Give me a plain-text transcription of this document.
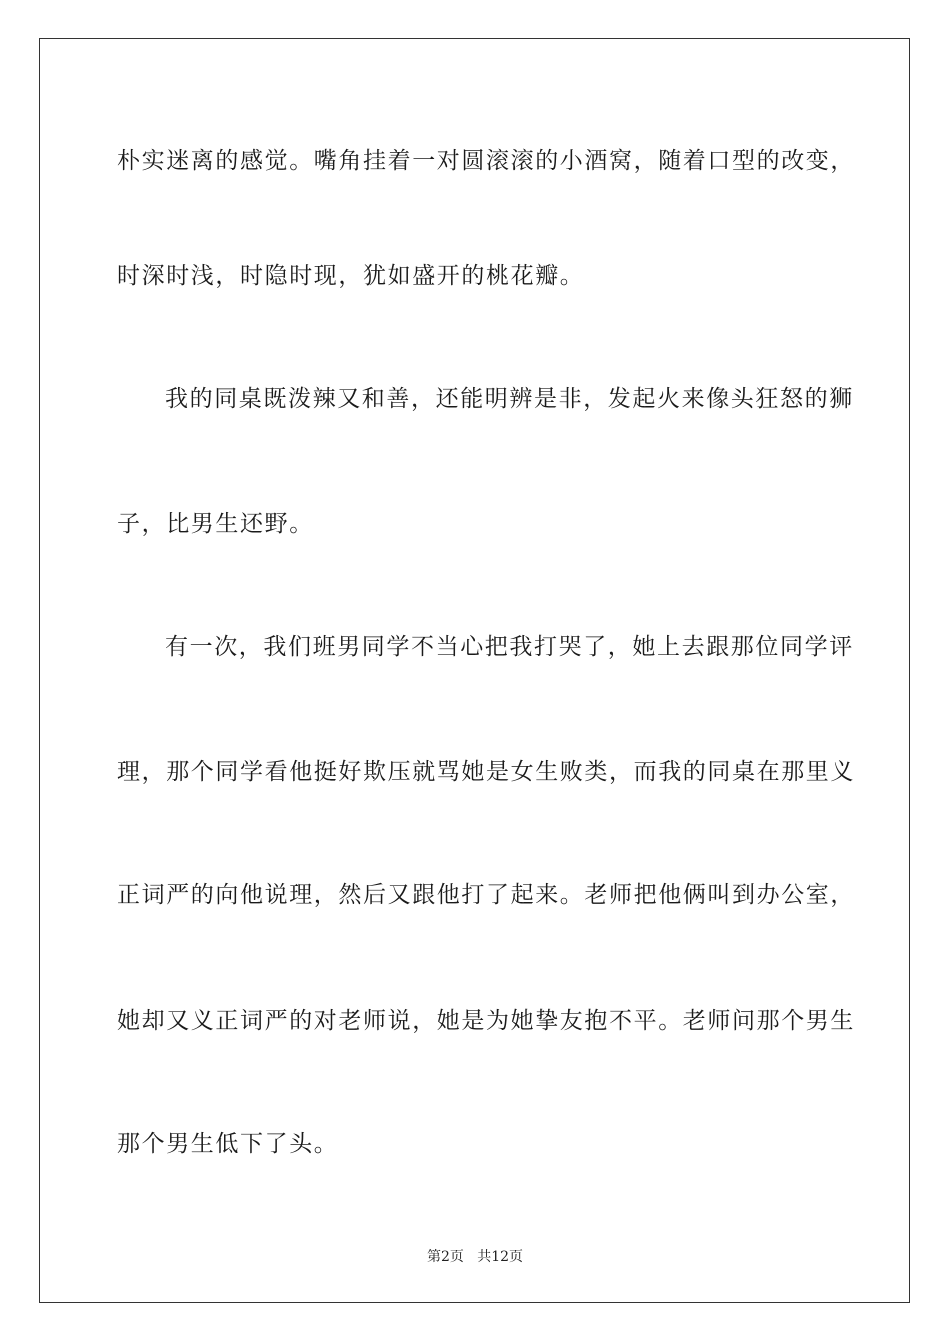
朴实迷离的感觉。嘴角挂着一对圆滚滚的小酒窝，随着口型的改变，
时深时浅，时隐时现，犹如盛开的桃花瓣。
我的同桌既泼辣又和善，还能明辨是非，发起火来像头狂怒的狮
子，比男生还野。
有一次，我们班男同学不当心把我打哭了，她上去跟那位同学评
理，那个同学看他挺好欺压就骂她是女生败类，而我的同桌在那里义
正词严的向他说理，然后又跟他打了起来。老师把他俩叫到办公室，
她却又义正词严的对老师说，她是为她挚友抱不平。老师问那个男生
那个男生低下了头。
第2页   共12页
